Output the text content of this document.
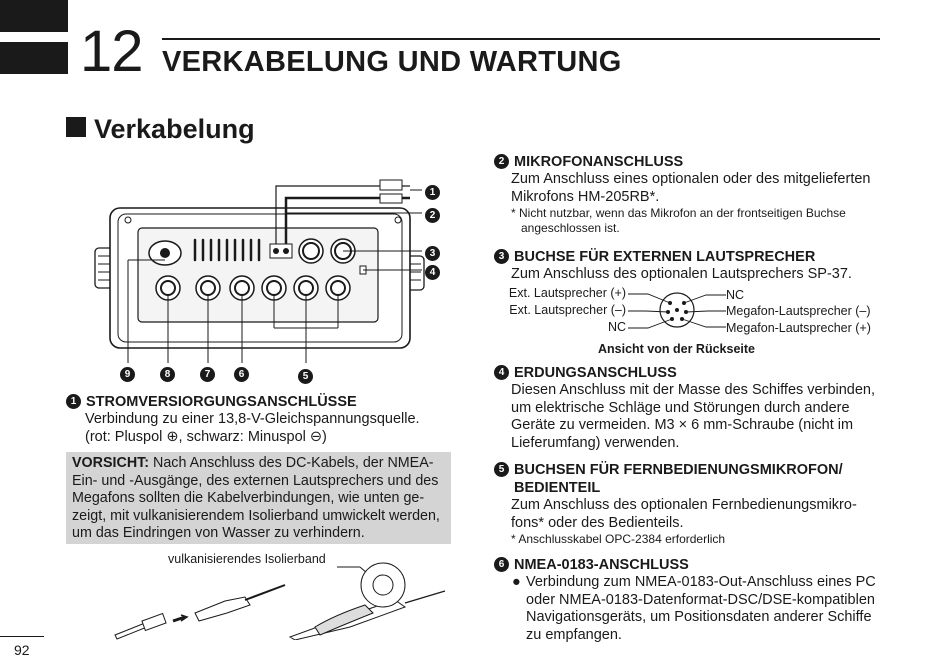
12 VERKABELUNG UND WARTUNG
Verkabelung
1
2
3
4
5
6
7
8
9
1 STROMVERSIORGUNGSANSCHLÜSSE
Verbindung zu einer 13,8-V-Gleichspannungsquelle.
(rot: Pluspol ⊕, schwarz: Minuspol ⊖)
VORSICHT: Nach Anschluss des DC-Kabels, der NMEA-
Ein- und -Ausgänge, des externen Lautsprechers und des
Megafons sollten die Kabelverbindungen, wie unten ge-
zeigt, mit vulkanisierendem Isolierband umwickelt werden,
um das Eindringen von Wasser zu verhindern.
vulkanisierendes Isolierband
2 MIKROFONANSCHLUSS
Zum Anschluss eines optionalen oder des mitgelieferten
Mikrofons HM-205RB*.
* Nicht nutzbar, wenn das Mikrofon an der frontseitigen Buchse
angeschlossen ist.
3 BUCHSE FÜR EXTERNEN LAUTSPRECHER
Zum Anschluss des optionalen Lautsprechers SP-37.
Ext. Lautsprecher (+)
Ext. Lautsprecher (–)
NC
NC
Megafon-Lautsprecher (–)
Megafon-Lautsprecher (+)
Ansicht von der Rückseite
4 ERDUNGSANSCHLUSS
Diesen Anschluss mit der Masse des Schiffes verbinden,
um elektrische Schläge und Störungen durch andere
Geräte zu vermeiden. M3 × 6 mm-Schraube (nicht im
Lieferumfang) verwenden.
5 BUCHSEN FÜR FERNBEDIENUNGSMIKROFON/
BEDIENTEIL
Zum Anschluss des optionalen Fernbedienungsmikro-
fons* oder des Bedienteils.
* Anschlusskabel OPC-2384 erforderlich
6 NMEA-0183-ANSCHLUSS
● Verbindung zum NMEA-0183-Out-Anschluss eines PC
oder NMEA-0183-Datenformat-DSC/DSE-kompatiblen
Navigationsgeräts, um Positionsdaten anderer Schiffe
zu empfangen.
92
